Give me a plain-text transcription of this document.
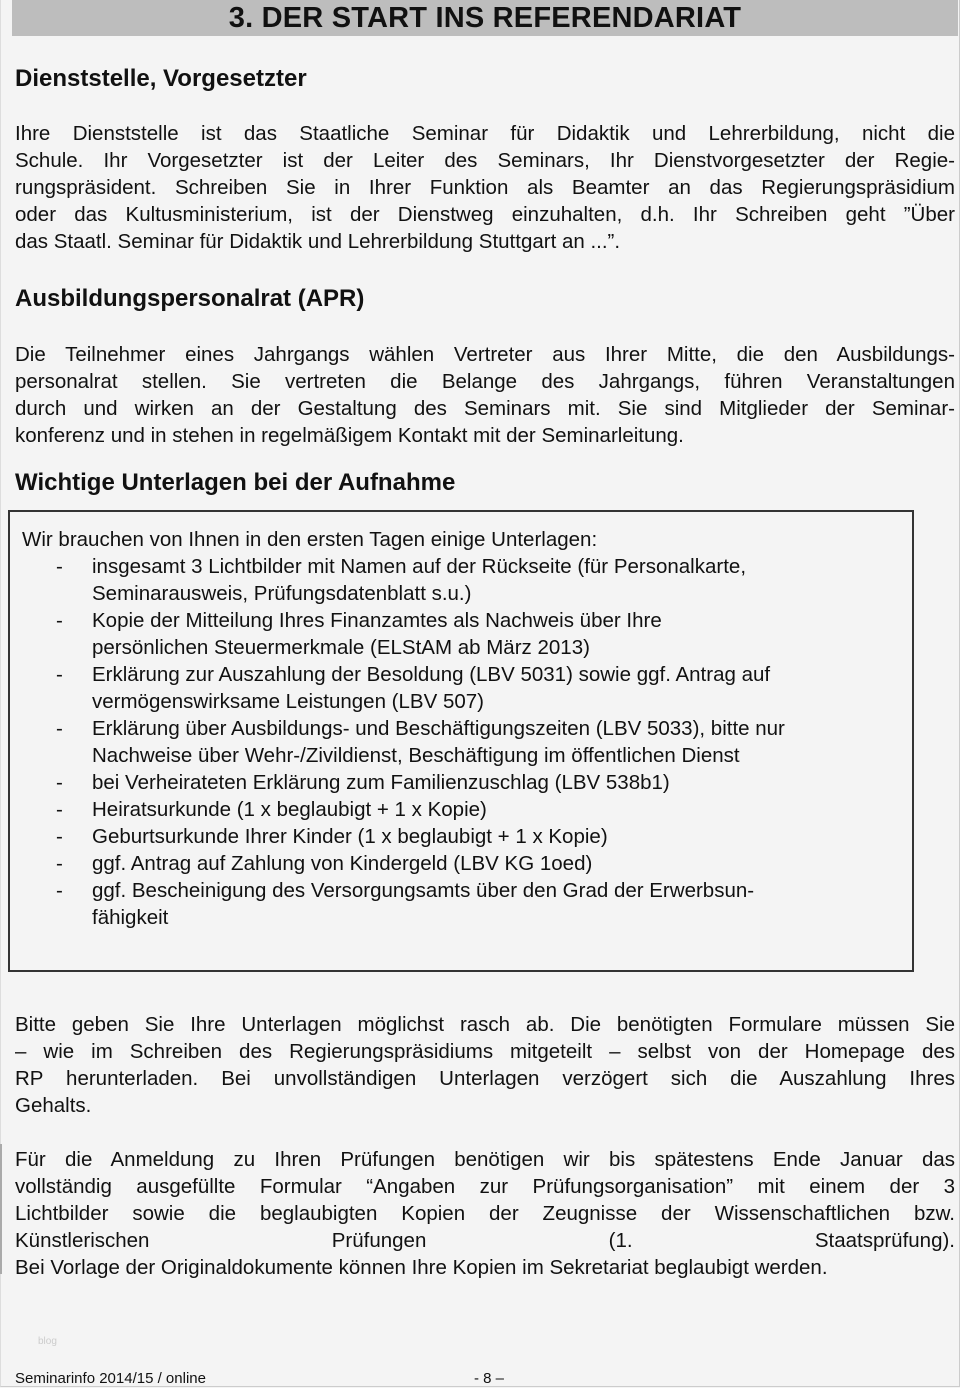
3. DER START INS REFERENDARIAT
Dienststelle, Vorgesetzter
Ihre Dienststelle ist das Staatliche Seminar für Didaktik und Lehrerbildung, nicht die
Schule. Ihr Vorgesetzter ist der Leiter des Seminars, Ihr Dienstvorgesetzter der Regie-
rungspräsident. Schreiben Sie in Ihrer Funktion als Beamter an das Regierungspräsidium
oder das Kultusministerium, ist der Dienstweg einzuhalten, d.h. Ihr Schreiben geht ”Über
das Staatl. Seminar für Didaktik und Lehrerbildung Stuttgart an ...”.
Ausbildungspersonalrat (APR)
Die Teilnehmer eines Jahrgangs wählen Vertreter aus Ihrer Mitte, die den Ausbildungs-
personalrat stellen. Sie vertreten die Belange des Jahrgangs, führen Veranstaltungen
durch und wirken an der Gestaltung des Seminars mit. Sie sind Mitglieder der Seminar-
konferenz und in stehen in regelmäßigem Kontakt mit der Seminarleitung.
Wichtige Unterlagen bei der Aufnahme
Wir brauchen von Ihnen in den ersten Tagen einige Unterlagen:
- insgesamt 3 Lichtbilder mit Namen auf der Rückseite (für Personalkarte,
Seminarausweis, Prüfungsdatenblatt s.u.)
- Kopie der Mitteilung Ihres Finanzamtes als Nachweis über Ihre
persönlichen Steuermerkmale (ELStAM ab März 2013)
- Erklärung zur Auszahlung der Besoldung (LBV 5031) sowie ggf. Antrag auf
vermögenswirksame Leistungen (LBV 507)
- Erklärung über Ausbildungs- und Beschäftigungszeiten (LBV 5033), bitte nur
Nachweise über Wehr-/Zivildienst, Beschäftigung im öffentlichen Dienst
- bei Verheirateten Erklärung zum Familienzuschlag (LBV 538b1)
- Heiratsurkunde (1 x beglaubigt + 1 x Kopie)
- Geburtsurkunde Ihrer Kinder (1 x beglaubigt + 1 x Kopie)
- ggf. Antrag auf Zahlung von Kindergeld (LBV KG 1oed)
- ggf. Bescheinigung des Versorgungsamts über den Grad der Erwerbsun-
fähigkeit
Bitte geben Sie Ihre Unterlagen möglichst rasch ab. Die benötigten Formulare müssen Sie
– wie im Schreiben des Regierungspräsidiums mitgeteilt – selbst von der Homepage des
RP herunterladen. Bei unvollständigen Unterlagen verzögert sich die Auszahlung Ihres
Gehalts.
Für die Anmeldung zu Ihren Prüfungen benötigen wir bis spätestens Ende Januar das
vollständig ausgefüllte Formular “Angaben zur Prüfungsorganisation” mit einem der 3
Lichtbilder sowie die beglaubigten Kopien der Zeugnisse der Wissenschaftlichen bzw.
Künstlerischen Prüfungen (1. Staatsprüfung).
Bei Vorlage der Originaldokumente können Ihre Kopien im Sekretariat beglaubigt werden.
blog
Seminarinfo 2014/15 / online	- 8 –
